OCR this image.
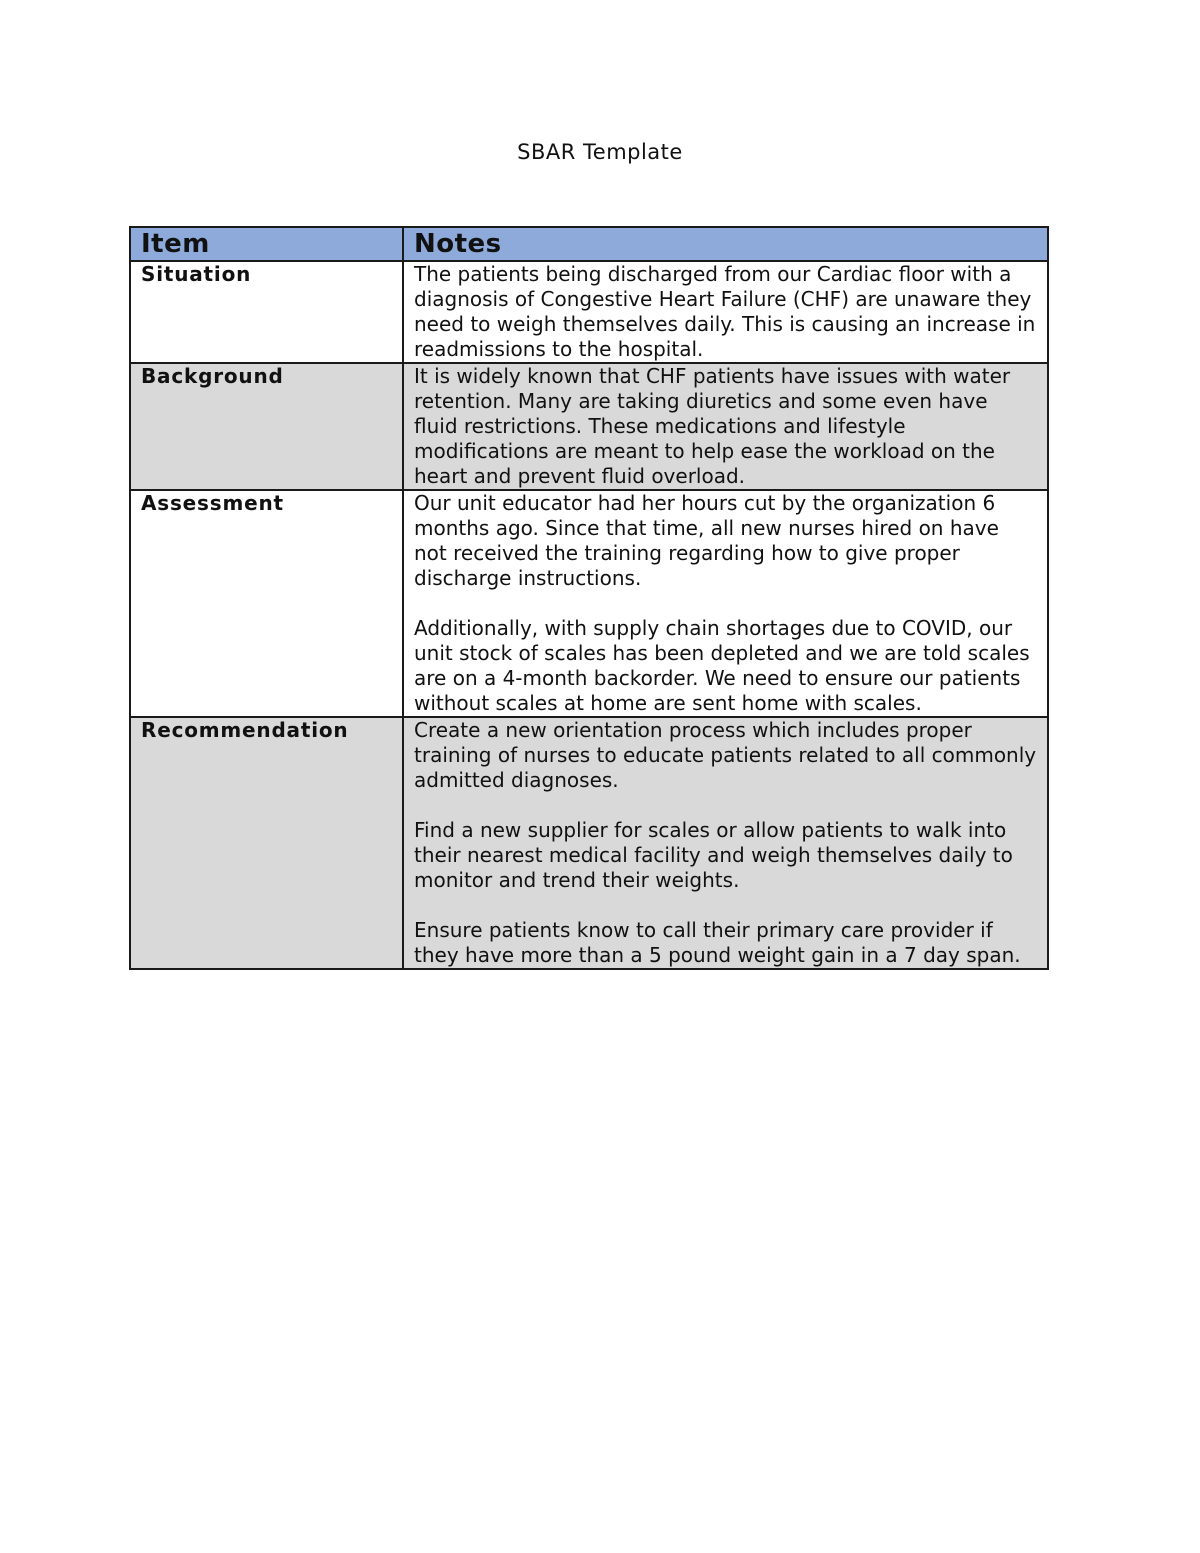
SBAR Template
Item	Notes
Situation	The patients being discharged from our Cardiac floor with a diagnosis of Congestive Heart Failure (CHF) are unaware they need to weigh themselves daily. This is causing an increase in readmissions to the hospital.

Background	It is widely known that CHF patients have issues with water retention. Many are taking diuretics and some even have fluid restrictions. These medications and lifestyle modifications are meant to help ease the workload on the heart and prevent fluid overload.

Assessment	Our unit educator had her hours cut by the organization 6 months ago. Since that time, all new nurses hired on have not received the training regarding how to give proper discharge instructions.

Additionally, with supply chain shortages due to COVID, our unit stock of scales has been depleted and we are told scales are on a 4-month backorder. We need to ensure our patients without scales at home are sent home with scales.

Recommendation	Create a new orientation process which includes proper training of nurses to educate patients related to all commonly admitted diagnoses.

Find a new supplier for scales or allow patients to walk into their nearest medical facility and weigh themselves daily to monitor and trend their weights.

Ensure patients know to call their primary care provider if they have more than a 5 pound weight gain in a 7 day span.
